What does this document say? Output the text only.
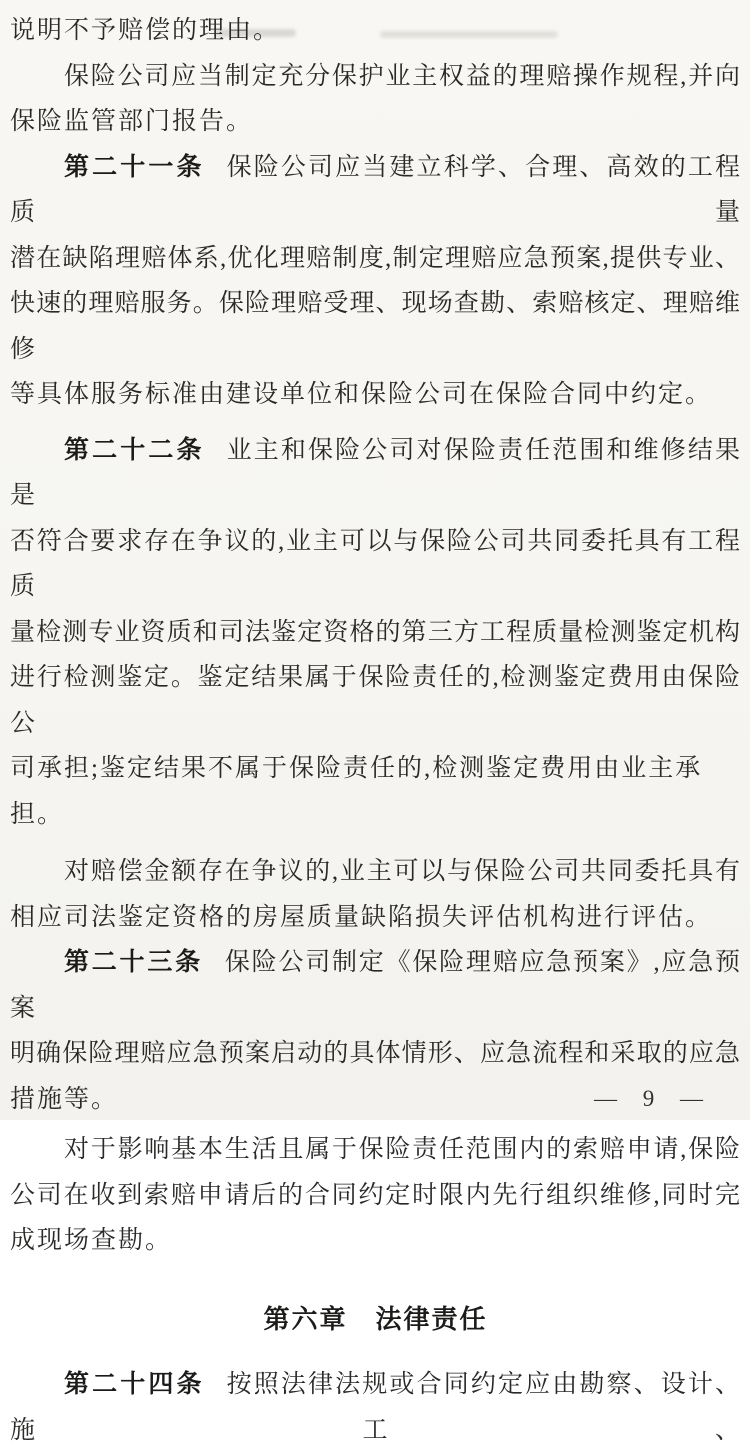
说明不予赔偿的理由。
保险公司应当制定充分保护业主权益的理赔操作规程,并向
保险监管部门报告。
第二十一条 保险公司应当建立科学、合理、高效的工程质量
潜在缺陷理赔体系,优化理赔制度,制定理赔应急预案,提供专业、
快速的理赔服务。保险理赔受理、现场查勘、索赔核定、理赔维修
等具体服务标准由建设单位和保险公司在保险合同中约定。
第二十二条 业主和保险公司对保险责任范围和维修结果是
否符合要求存在争议的,业主可以与保险公司共同委托具有工程质
量检测专业资质和司法鉴定资格的第三方工程质量检测鉴定机构
进行检测鉴定。鉴定结果属于保险责任的,检测鉴定费用由保险公
司承担;鉴定结果不属于保险责任的,检测鉴定费用由业主承担。
对赔偿金额存在争议的,业主可以与保险公司共同委托具有
相应司法鉴定资格的房屋质量缺陷损失评估机构进行评估。
第二十三条 保险公司制定《保险理赔应急预案》,应急预案
明确保险理赔应急预案启动的具体情形、应急流程和采取的应急
措施等。
对于影响基本生活且属于保险责任范围内的索赔申请,保险
公司在收到索赔申请后的合同约定时限内先行组织维修,同时完
成现场查勘。
第六章　法律责任
第二十四条 按照法律法规或合同约定应由勘察、设计、施工、
— 9 —
